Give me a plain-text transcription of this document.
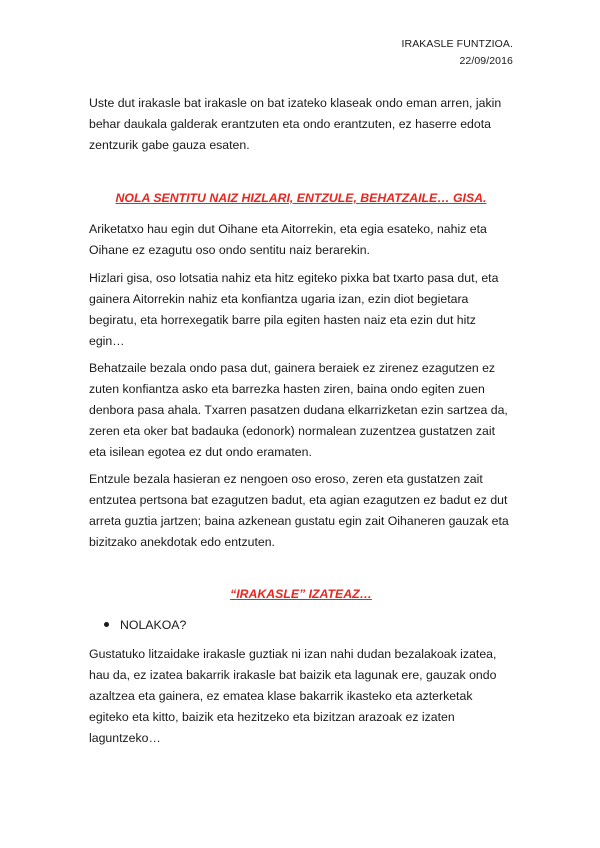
IRAKASLE FUNTZIOA.
22/09/2016

Uste dut irakasle bat irakasle on bat izateko klaseak ondo eman arren, jakin behar daukala galderak erantzuten eta ondo erantzuten, ez haserre edota zentzurik gabe gauza esaten.

NOLA SENTITU NAIZ HIZLARI, ENTZULE, BEHATZAILE… GISA.

Ariketatxo hau egin dut Oihane eta Aitorrekin, eta egia esateko, nahiz eta Oihane ez ezagutu oso ondo sentitu naiz berarekin.

Hizlari gisa, oso lotsatia nahiz eta hitz egiteko pixka bat txarto pasa dut, eta gainera Aitorrekin nahiz eta konfiantza ugaria izan, ezin diot begietara begiratu, eta horrexegatik barre pila egiten hasten naiz eta ezin dut hitz egin…

Behatzaile bezala ondo pasa dut, gainera beraiek ez zirenez ezagutzen ez zuten konfiantza asko eta barrezka hasten ziren, baina ondo egiten zuen denbora pasa ahala. Txarren pasatzen dudana elkarrizketan ezin sartzea da, zeren eta oker bat badauka (edonork) normalean zuzentzea gustatzen zait eta isilean egotea ez dut ondo eramaten.

Entzule bezala hasieran ez nengoen oso eroso, zeren eta gustatzen zait entzutea pertsona bat ezagutzen badut, eta agian ezagutzen ez badut ez dut arreta guztia jartzen; baina azkenean gustatu egin zait Oihaneren gauzak eta bizitzako anekdotak edo entzuten.

“IRAKASLE” IZATEAZ…

NOLAKOA?

Gustatuko litzaidake irakasle guztiak ni izan nahi dudan bezalakoak izatea, hau da, ez izatea bakarrik irakasle bat baizik eta lagunak ere, gauzak ondo azaltzea eta gainera, ez ematea klase bakarrik ikasteko eta azterketak egiteko eta kitto, baizik eta hezitzeko eta bizitzan arazoak ez izaten laguntzeko…
